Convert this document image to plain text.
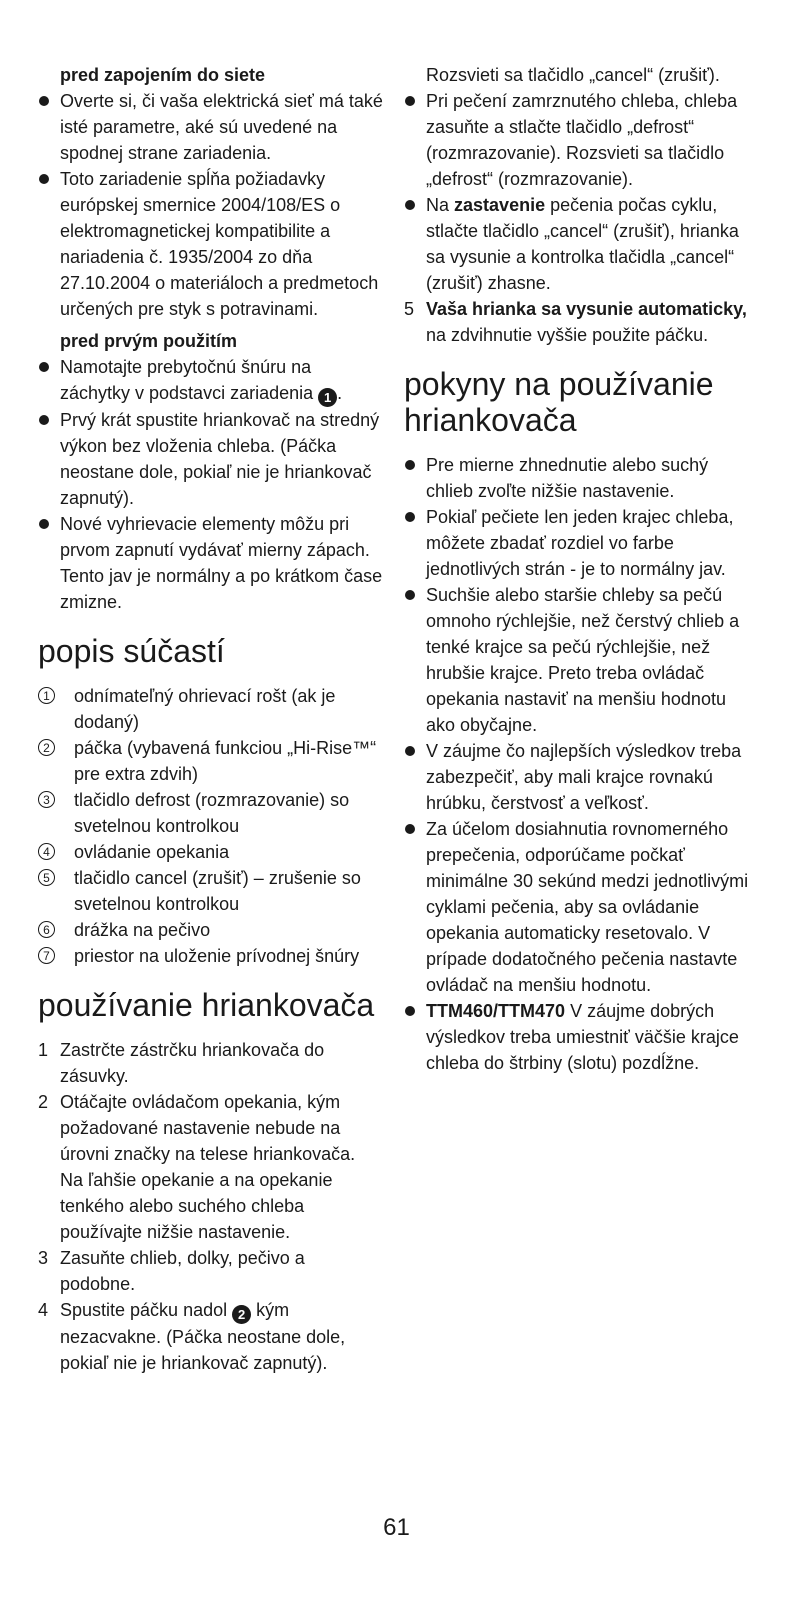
pred zapojením do siete

Overte si, či vaša elektrická sieť má také isté parametre, aké sú uvedené na spodnej strane zariadenia.
Toto zariadenie spĺňa požiadavky európskej smernice 2004/108/ES o elektromagnetickej kompatibilite a nariadenia č. 1935/2004 zo dňa 27.10.2004 o materiáloch a predmetoch určených pre styk s potravinami.

pred prvým použitím

Namotajte prebytočnú šnúru na záchytky v podstavci zariadenia 1 .
Prvý krát spustite hriankovač na stredný výkon bez vloženia chleba. (Páčka neostane dole, pokiaľ nie je hriankovač zapnutý).
Nové vyhrievacie elementy môžu pri prvom zapnutí vydávať mierny zápach. Tento jav je normálny a po krátkom čase zmizne.
popis súčastí
1 odnímateľný ohrievací rošt (ak je dodaný)
2 páčka (vybavená funkciou „Hi-Rise™“ pre extra zdvih)
3 tlačidlo defrost (rozmrazovanie) so svetelnou kontrolkou
4 ovládanie opekania
5 tlačidlo cancel (zrušiť) – zrušenie so svetelnou kontrolkou
6 drážka na pečivo
7 priestor na uloženie prívodnej šnúry
používanie hriankovača
1 Zastrčte zástrčku hriankovača do zásuvky.
2 Otáčajte ovládačom opekania, kým požadované nastavenie nebude na úrovni značky na telese hriankovača. Na ľahšie opekanie a na opekanie tenkého alebo suchého chleba používajte nižšie nastavenie.
3 Zasuňte chlieb, dolky, pečivo a podobne.
4 Spustite páčku nadol 2 kým nezacvakne. (Páčka neostane dole, pokiaľ nie je hriankovač zapnutý).

Rozsvieti sa tlačidlo „cancel“ (zrušiť).

Pri pečení zamrznutého chleba, chleba zasuňte a stlačte tlačidlo „defrost“ (rozmrazovanie). Rozsvieti sa tlačidlo „defrost“ (rozmrazovanie).
Na zastavenie pečenia počas cyklu, stlačte tlačidlo „cancel“ (zrušiť), hrianka sa vysunie a kontrolka tlačidla „cancel“ (zrušiť) zhasne.
5 Vaša hrianka sa vysunie automaticky, na zdvihnutie vyššie použite páčku.
pokyny na používanie hriankovača
Pre mierne zhnednutie alebo suchý chlieb zvoľte nižšie nastavenie.
Pokiaľ pečiete len jeden krajec chleba, môžete zbadať rozdiel vo farbe jednotlivých strán - je to normálny jav.
Suchšie alebo staršie chleby sa pečú omnoho rýchlejšie, než čerstvý chlieb a tenké krajce sa pečú rýchlejšie, než hrubšie krajce. Preto treba ovládač opekania nastaviť na menšiu hodnotu ako obyčajne.
V záujme čo najlepších výsledkov treba zabezpečiť, aby mali krajce rovnakú hrúbku, čerstvosť a veľkosť.
Za účelom dosiahnutia rovnomerného prepečenia, odporúčame počkať minimálne 30 sekúnd medzi jednotlivými cyklami pečenia, aby sa ovládanie opekania automaticky resetovalo. V prípade dodatočného pečenia nastavte ovládač na menšiu hodnotu.
TTM460/TTM470 V záujme dobrých výsledkov treba umiestniť väčšie krajce chleba do štrbiny (slotu) pozdĺžne.
61
